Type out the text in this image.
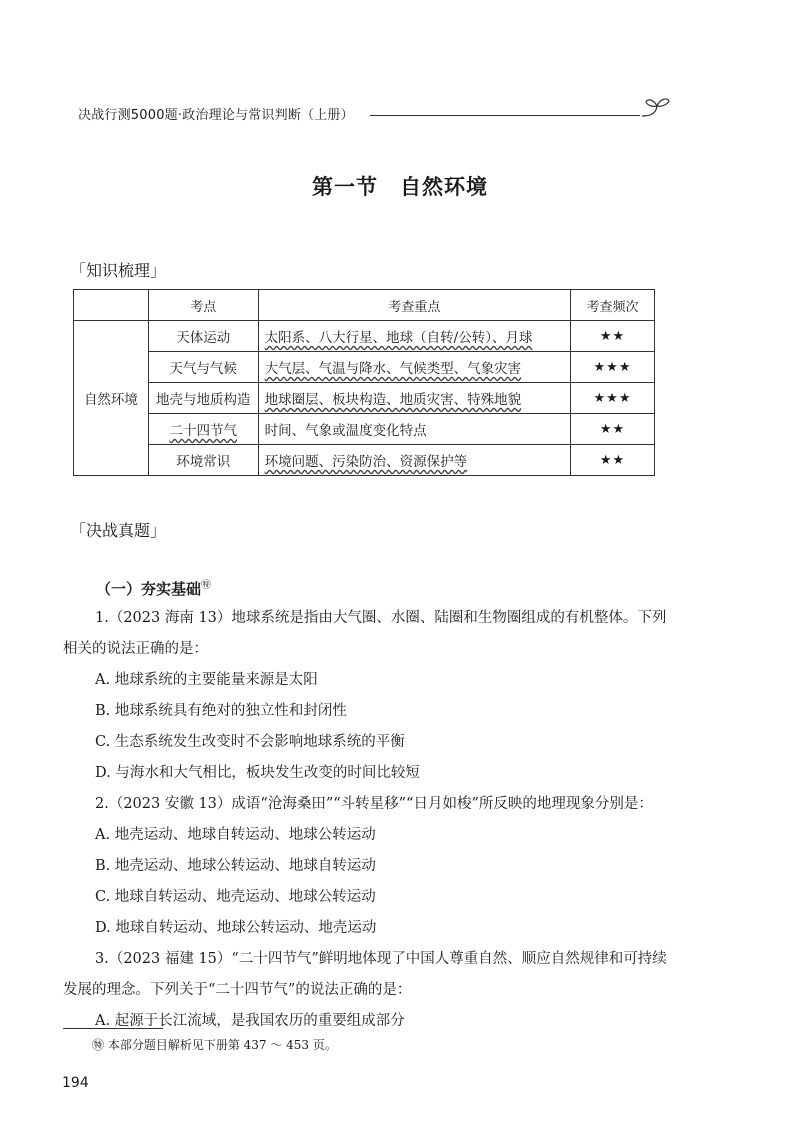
决战行测5000题·政治理论与常识判断（上册）
第一节　自然环境
「知识梳理」
	考点	考查重点	考查频次
自然环境	天体运动	太阳系、八大行星、地球（自转/公转）、月球	★★
	天气与气候	大气层、气温与降水、气候类型、气象灾害	★★★
	地壳与地质构造	地球圈层、板块构造、地质灾害、特殊地貌	★★★
	二十四节气	时间、气象或温度变化特点	★★
	环境常识	环境问题、污染防治、资源保护等	★★
「决战真题」
（一）夯实基础㊕

1.（2023 海南 13）地球系统是指由大气圈、水圈、陆圈和生物圈组成的有机整体。下列相关的说法正确的是：

A. 地球系统的主要能量来源是太阳

B. 地球系统具有绝对的独立性和封闭性

C. 生态系统发生改变时不会影响地球系统的平衡

D. 与海水和大气相比，板块发生改变的时间比较短

2.（2023 安徽 13）成语“沧海桑田”“斗转星移”“日月如梭”所反映的地理现象分别是：

A. 地壳运动、地球自转运动、地球公转运动

B. 地壳运动、地球公转运动、地球自转运动

C. 地球自转运动、地壳运动、地球公转运动

D. 地球自转运动、地球公转运动、地壳运动

3.（2023 福建 15）“二十四节气”鲜明地体现了中国人尊重自然、顺应自然规律和可持续发展的理念。下列关于“二十四节气”的说法正确的是：

A. 起源于长江流域，是我国农历的重要组成部分

㊕ 本部分题目解析见下册第 437 ～ 453 页。
194
